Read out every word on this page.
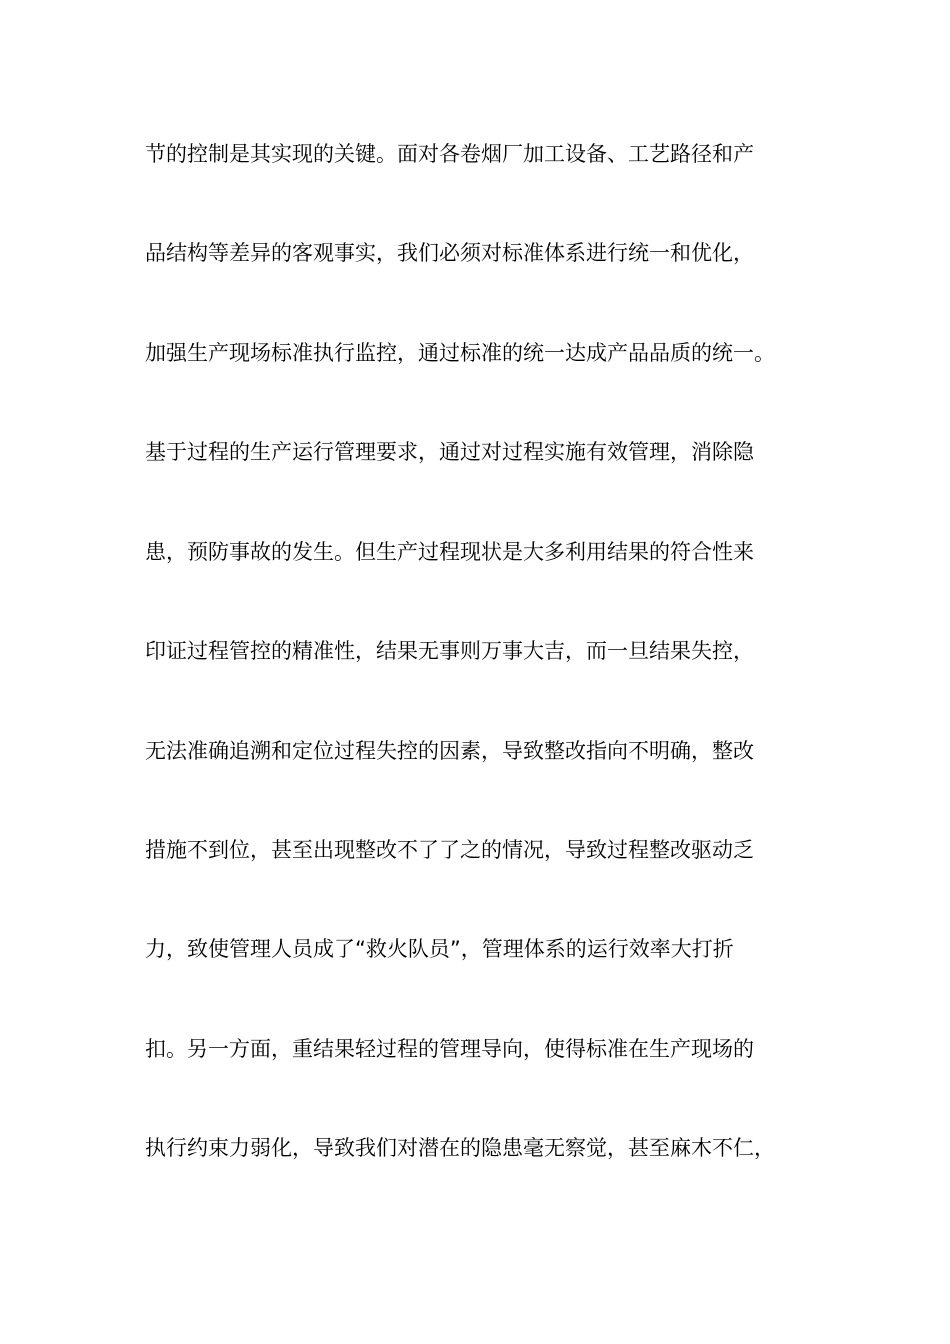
节的控制是其实现的关键。面对各卷烟厂加工设备、工艺路径和产
品结构等差异的客观事实，我们必须对标准体系进行统一和优化，
加强生产现场标准执行监控，通过标准的统一达成产品品质的统一。
基于过程的生产运行管理要求，通过对过程实施有效管理，消除隐
患，预防事故的发生。但生产过程现状是大多利用结果的符合性来
印证过程管控的精准性，结果无事则万事大吉，而一旦结果失控，
无法准确追溯和定位过程失控的因素，导致整改指向不明确，整改
措施不到位，甚至出现整改不了了之的情况，导致过程整改驱动乏
力，致使管理人员成了“救火队员”，管理体系的运行效率大打折
扣。另一方面，重结果轻过程的管理导向，使得标准在生产现场的
执行约束力弱化，导致我们对潜在的隐患毫无察觉，甚至麻木不仁，
